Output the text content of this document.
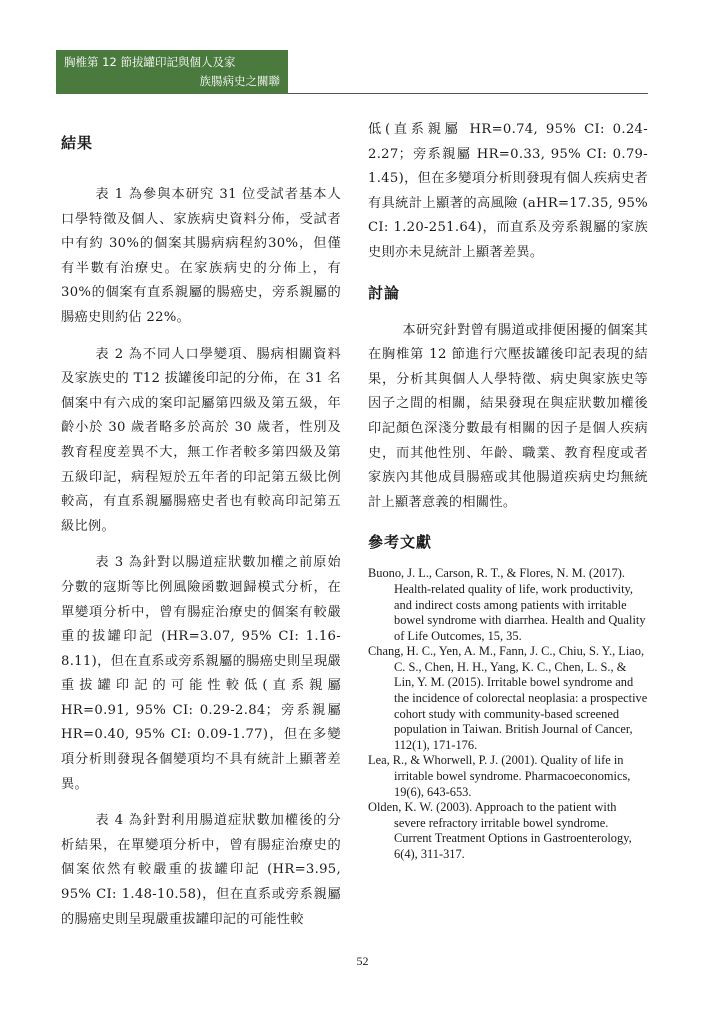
胸椎第 12 節拔罐印記與個人及家
族腸病史之關聯
結果

表 1 為參與本研究 31 位受試者基本人口學特徵及個人、家族病史資料分佈，受試者中有約 30%的個案其腸病病程約30%，但僅有半數有治療史。在家族病史的分佈上，有 30%的個案有直系親屬的腸癌史，旁系親屬的腸癌史則約佔 22%。

表 2 為不同人口學變項、腸病相關資料及家族史的 T12 拔罐後印記的分佈，在 31 名個案中有六成的案印記屬第四級及第五級，年齡小於 30 歲者略多於高於 30 歲者，性別及教育程度差異不大，無工作者較多第四級及第五級印記，病程短於五年者的印記第五級比例較高，有直系親屬腸癌史者也有較高印記第五級比例。

表 3 為針對以腸道症狀數加權之前原始分數的寇斯等比例風險函數迴歸模式分析，在單變項分析中，曾有腸症治療史的個案有較嚴重的拔罐印記 (HR=3.07, 95% CI: 1.16-8.11)，但在直系或旁系親屬的腸癌史則呈現嚴重拔罐印記的可能性較低(直系親屬 HR=0.91, 95% CI: 0.29-2.84；旁系親屬 HR=0.40, 95% CI: 0.09-1.77)，但在多變項分析則發現各個變項均不具有統計上顯著差異。

表 4 為針對利用腸道症狀數加權後的分析結果，在單變項分析中，曾有腸症治療史的個案依然有較嚴重的拔罐印記 (HR=3.95, 95% CI: 1.48-10.58)，但在直系或旁系親屬的腸癌史則呈現嚴重拔罐印記的可能性較

低(直系親屬 HR=0.74, 95% CI: 0.24-2.27；旁系親屬 HR=0.33, 95% CI: 0.79-1.45)，但在多變項分析則發現有個人疾病史者有具統計上顯著的高風險 (aHR=17.35, 95% CI: 1.20-251.64)，而直系及旁系親屬的家族史則亦未見統計上顯著差異。

討論

本研究針對曾有腸道或排便困擾的個案其在胸椎第 12 節進行穴壓拔罐後印記表現的結果，分析其與個人人學特徵、病史與家族史等因子之間的相關，結果發現在與症狀數加權後印記顏色深淺分數最有相關的因子是個人疾病史，而其他性別、年齡、職業、教育程度或者家族內其他成員腸癌或其他腸道疾病史均無統計上顯著意義的相關性。

參考文獻

Buono, J. L., Carson, R. T., & Flores, N. M. (2017). Health-related quality of life, work productivity, and indirect costs among patients with irritable bowel syndrome with diarrhea. Health and Quality of Life Outcomes, 15, 35.

Chang, H. C., Yen, A. M., Fann, J. C., Chiu, S. Y., Liao, C. S., Chen, H. H., Yang, K. C., Chen, L. S., & Lin, Y. M. (2015). Irritable bowel syndrome and the incidence of colorectal neoplasia: a prospective cohort study with community-based screened population in Taiwan. British Journal of Cancer, 112(1), 171-176.

Lea, R., & Whorwell, P. J. (2001). Quality of life in irritable bowel syndrome. Pharmacoeconomics, 19(6), 643-653.

Olden, K. W. (2003). Approach to the patient with severe refractory irritable bowel syndrome. Current Treatment Options in Gastroenterology, 6(4), 311-317.

52
